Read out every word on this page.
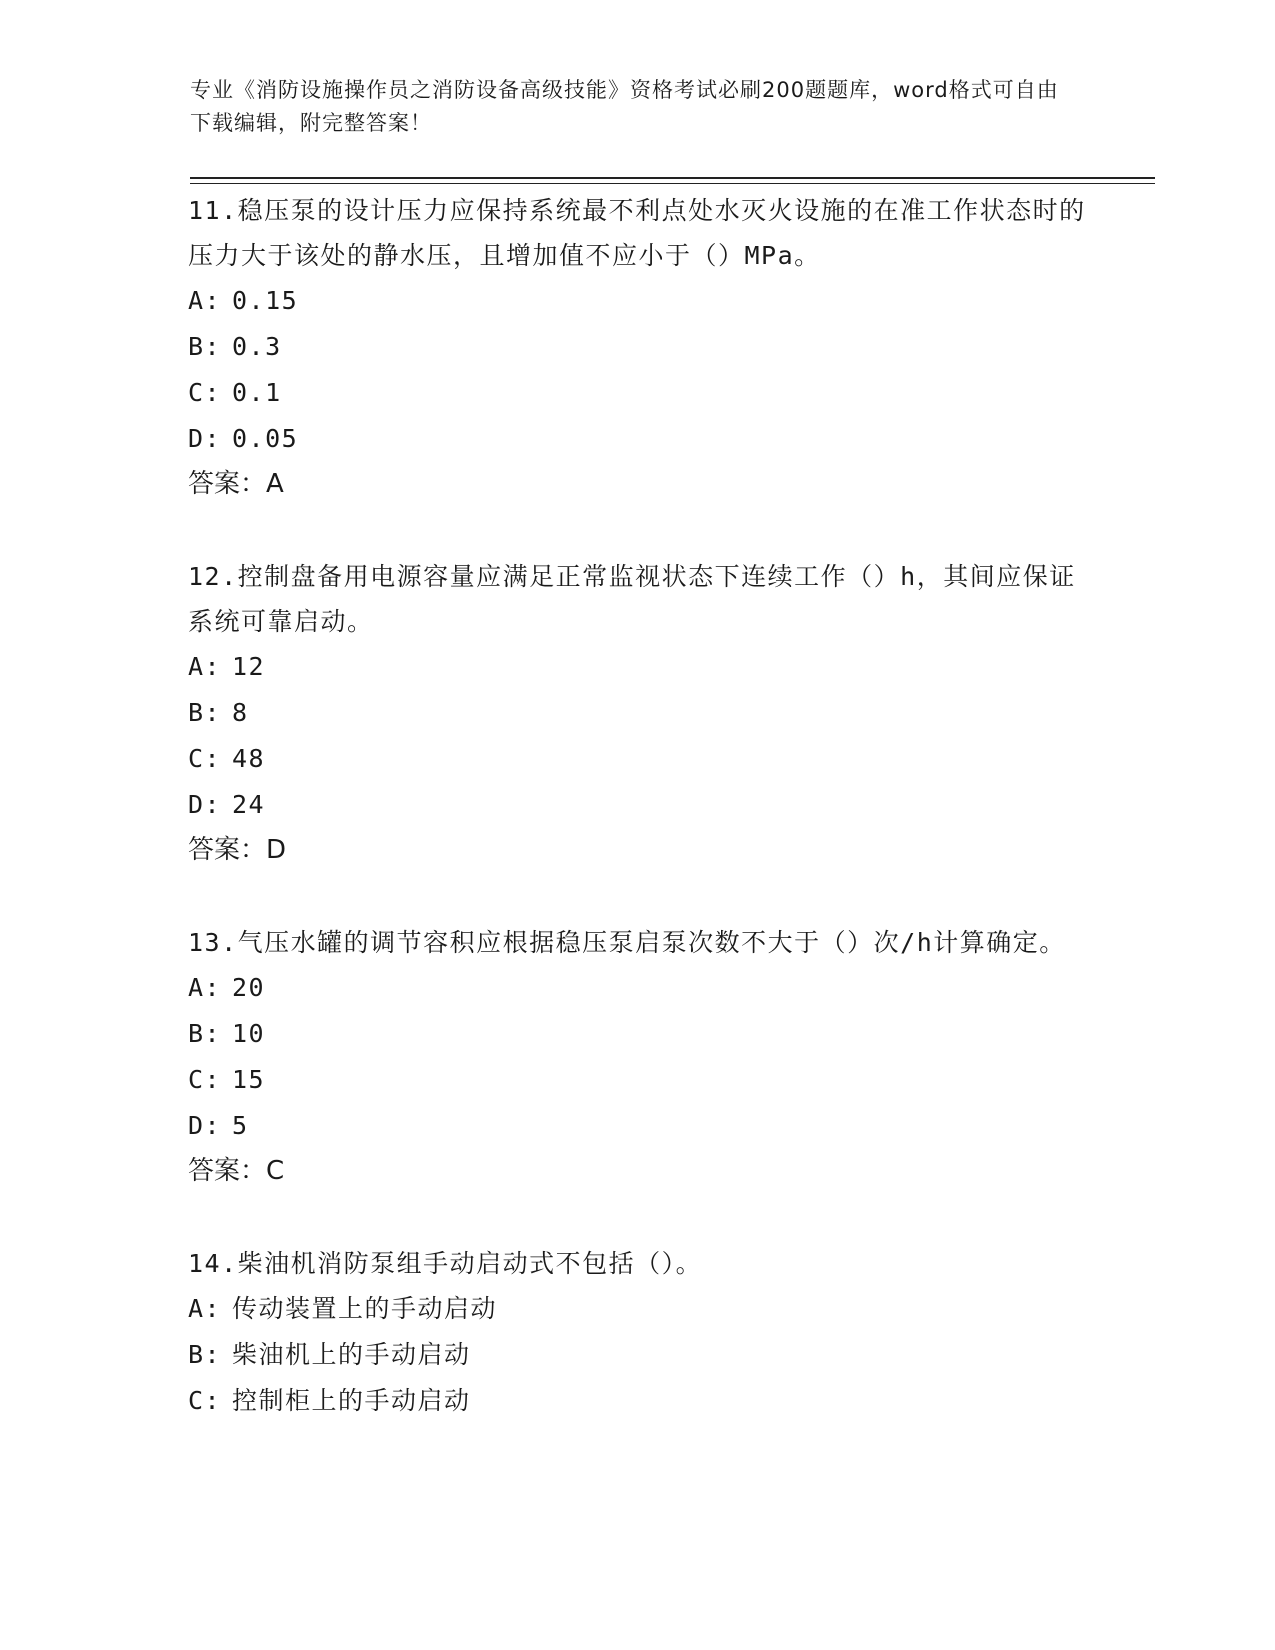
专业《消防设施操作员之消防设备高级技能》资格考试必刷200题题库，word格式可自由下载编辑，附完整答案！

11.稳压泵的设计压力应保持系统最不利点处水灭火设施的在准工作状态时的压力大于该处的静水压，且增加值不应小于（）MPa。

A: 0.15
B: 0.3
C: 0.1
D: 0.05
答案：A

12.控制盘备用电源容量应满足正常监视状态下连续工作（）h，其间应保证系统可靠启动。

A: 12
B: 8
C: 48
D: 24
答案：D

13.气压水罐的调节容积应根据稳压泵启泵次数不大于（）次/h计算确定。

A: 20
B: 10
C: 15
D: 5
答案：C

14.柴油机消防泵组手动启动式不包括（）。

A: 传动装置上的手动启动
B: 柴油机上的手动启动
C: 控制柜上的手动启动
